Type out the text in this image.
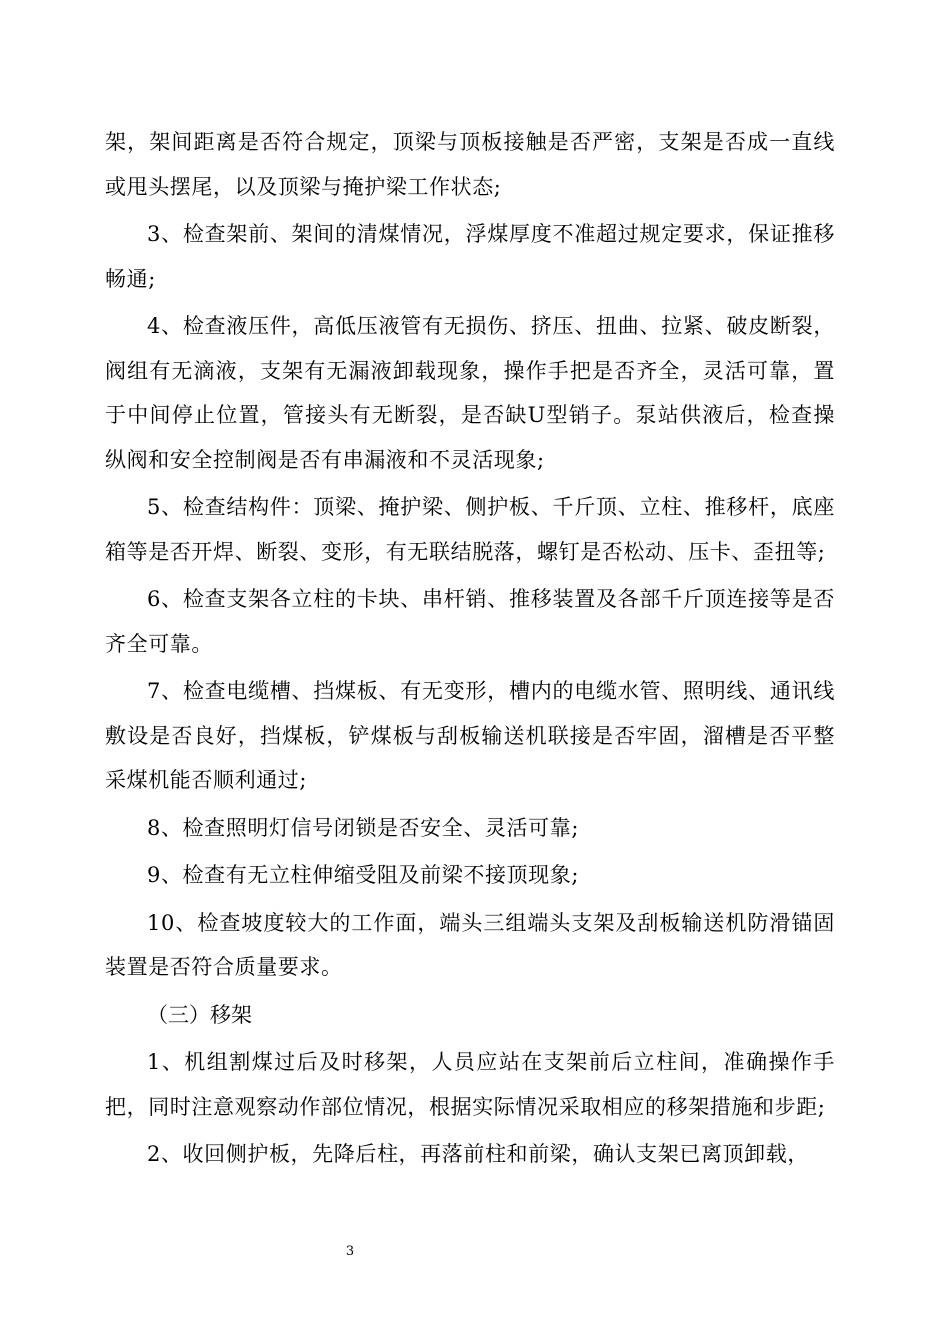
架，架间距离是否符合规定，顶梁与顶板接触是否严密，支架是否成一直线或甩头摆尾，以及顶梁与掩护梁工作状态;

3、检查架前、架间的清煤情况，浮煤厚度不准超过规定要求，保证推移畅通;

4、检查液压件，高低压液管有无损伤、挤压、扭曲、拉紧、破皮断裂，阀组有无滴液，支架有无漏液卸载现象，操作手把是否齐全，灵活可靠，置于中间停止位置，管接头有无断裂，是否缺U型销子。泵站供液后，检查操纵阀和安全控制阀是否有串漏液和不灵活现象;

5、检查结构件：顶梁、掩护梁、侧护板、千斤顶、立柱、推移杆，底座箱等是否开焊、断裂、变形，有无联结脱落，螺钉是否松动、压卡、歪扭等;

6、检查支架各立柱的卡块、串杆销、推移装置及各部千斤顶连接等是否齐全可靠。

7、检查电缆槽、挡煤板、有无变形，槽内的电缆水管、照明线、通讯线敷设是否良好，挡煤板，铲煤板与刮板输送机联接是否牢固，溜槽是否平整采煤机能否顺利通过;

8、检查照明灯信号闭锁是否安全、灵活可靠;

9、检查有无立柱伸缩受阻及前梁不接顶现象;

10、检查坡度较大的工作面，端头三组端头支架及刮板输送机防滑锚固装置是否符合质量要求。

（三）移架

1、机组割煤过后及时移架，人员应站在支架前后立柱间，准确操作手把，同时注意观察动作部位情况，根据实际情况采取相应的移架措施和步距;

2、收回侧护板，先降后柱，再落前柱和前梁，确认支架已离顶卸载，

3
